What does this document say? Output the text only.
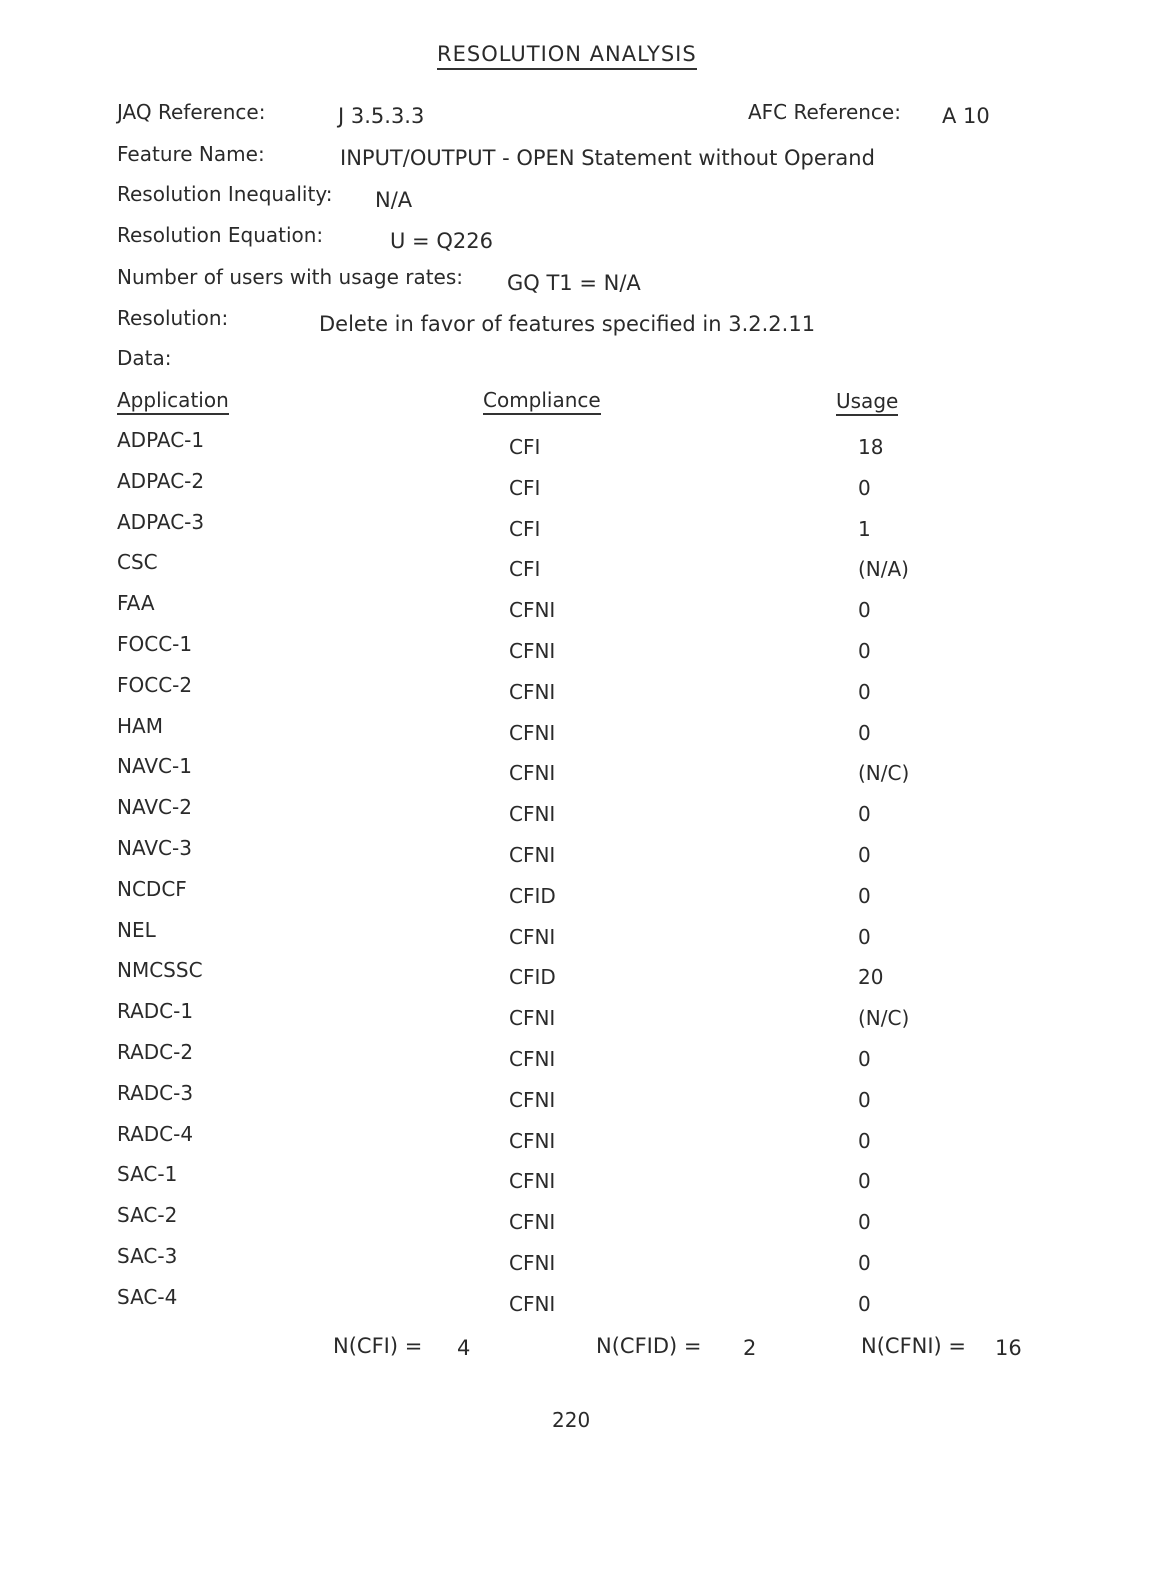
RESOLUTION ANALYSIS
JAQ Reference:	J 3.5.3.3	AFC Reference: A 10
Feature Name:	INPUT/OUTPUT - OPEN Statement without Operand
Resolution Inequality: N/A
Resolution Equation:	U = Q226
Number of users with usage rates: GQ T1 = N/A
Resolution:	Delete in favor of features specified in 3.2.2.11
Data:
Application	Compliance	Usage
ADPAC-1	CFI	18
ADPAC-2	CFI	0
ADPAC-3	CFI	1
CSC	CFI	(N/A)
FAA	CFNI	0
FOCC-1	CFNI	0
FOCC-2	CFNI	0
HAM	CFNI	0
NAVC-1	CFNI	(N/C)
NAVC-2	CFNI	0
NAVC-3	CFNI	0
NCDCF	CFID	0
NEL	CFNI	0
NMCSSC	CFID	20
RADC-1	CFNI	(N/C)
RADC-2	CFNI	0
RADC-3	CFNI	0
RADC-4	CFNI	0
SAC-1	CFNI	0
SAC-2	CFNI	0
SAC-3	CFNI	0
SAC-4	CFNI	0
N(CFI) = 4	N(CFID) = 2	N(CFNI) = 16
220
